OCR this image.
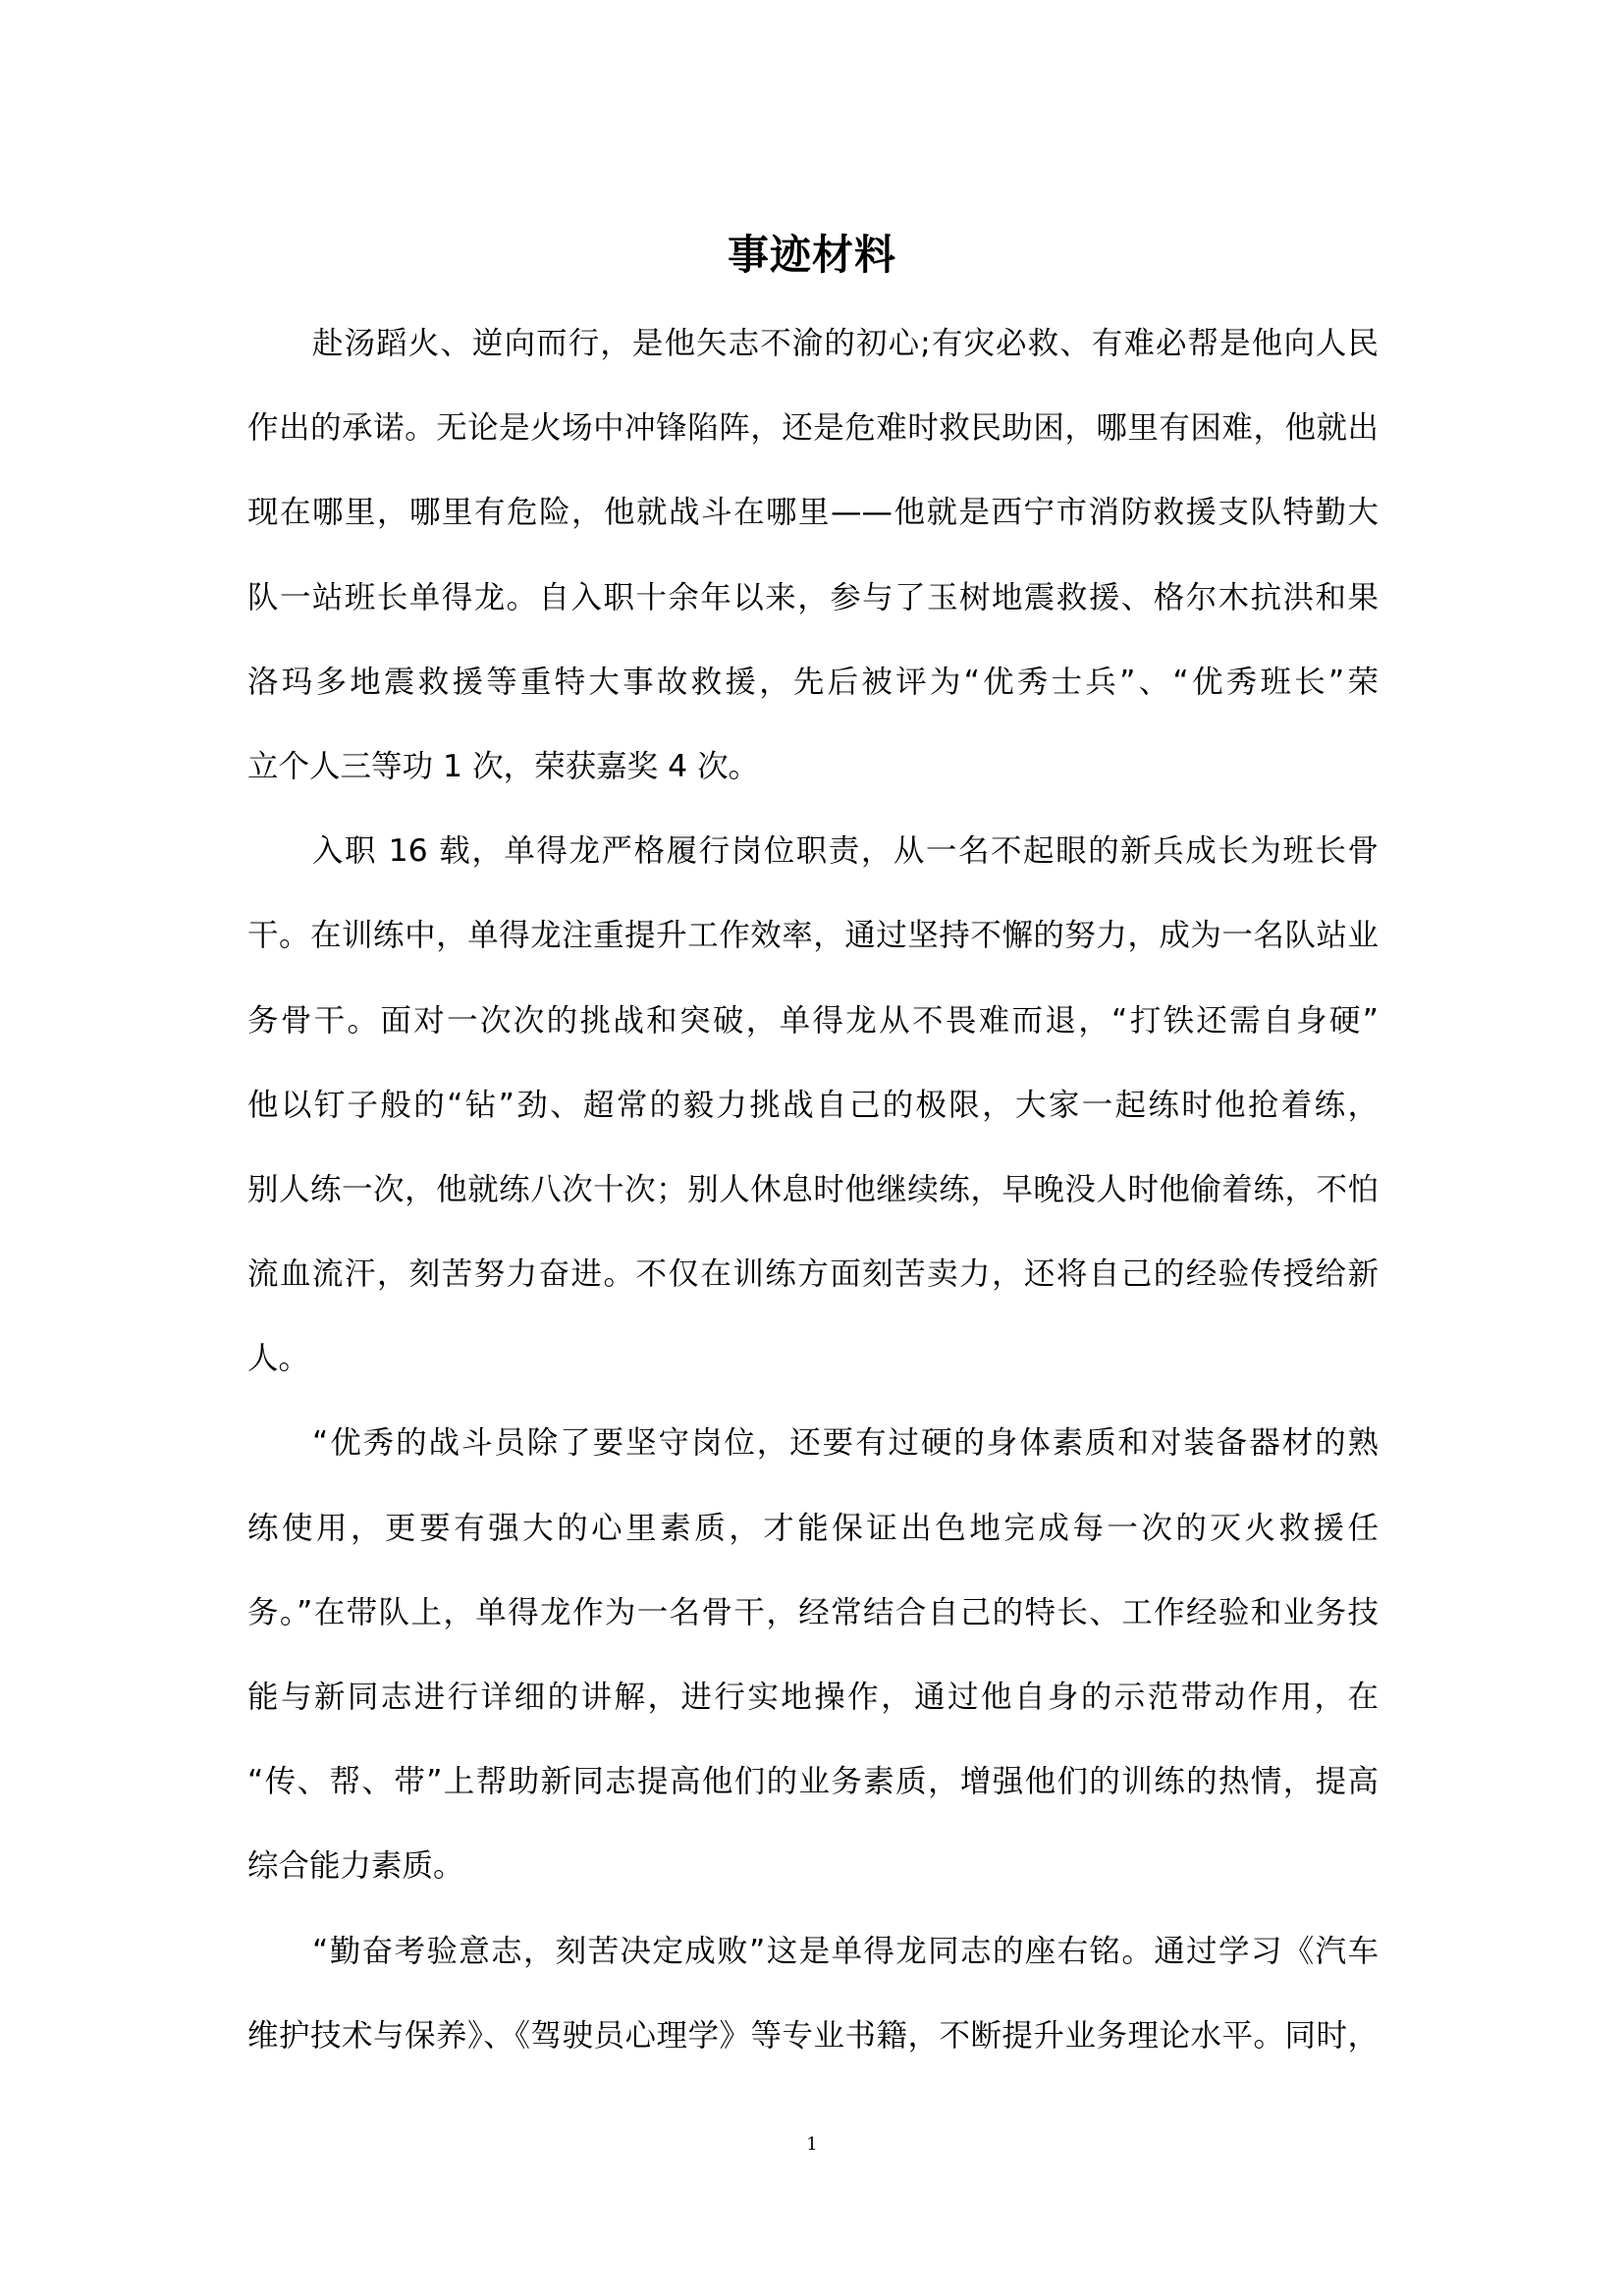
事迹材料
赴汤蹈火、逆向而行，是他矢志不渝的初心;有灾必救、有难必帮是他向人民
作出的承诺。无论是火场中冲锋陷阵，还是危难时救民助困，哪里有困难，他就出
现在哪里，哪里有危险，他就战斗在哪里——他就是西宁市消防救援支队特勤大
队一站班长单得龙。自入职十余年以来，参与了玉树地震救援、格尔木抗洪和果
洛玛多地震救援等重特大事故救援，先后被评为“优秀士兵”、“优秀班长”荣
立个人三等功 1 次，荣获嘉奖 4 次。
入职 16 载，单得龙严格履行岗位职责，从一名不起眼的新兵成长为班长骨
干。在训练中，单得龙注重提升工作效率，通过坚持不懈的努力，成为一名队站业
务骨干。面对一次次的挑战和突破，单得龙从不畏难而退，“打铁还需自身硬”
他以钉子般的“钻”劲、超常的毅力挑战自己的极限，大家一起练时他抢着练，
别人练一次，他就练八次十次；别人休息时他继续练，早晚没人时他偷着练，不怕
流血流汗，刻苦努力奋进。不仅在训练方面刻苦卖力，还将自己的经验传授给新
人。
“优秀的战斗员除了要坚守岗位，还要有过硬的身体素质和对装备器材的熟
练使用，更要有强大的心里素质，才能保证出色地完成每一次的灭火救援任
务。”在带队上，单得龙作为一名骨干，经常结合自己的特长、工作经验和业务技
能与新同志进行详细的讲解，进行实地操作，通过他自身的示范带动作用，在
“传、帮、带”上帮助新同志提高他们的业务素质，增强他们的训练的热情，提高
综合能力素质。
“勤奋考验意志，刻苦决定成败”这是单得龙同志的座右铭。通过学习《汽车
维护技术与保养》、《驾驶员心理学》等专业书籍，不断提升业务理论水平。同时，
1
